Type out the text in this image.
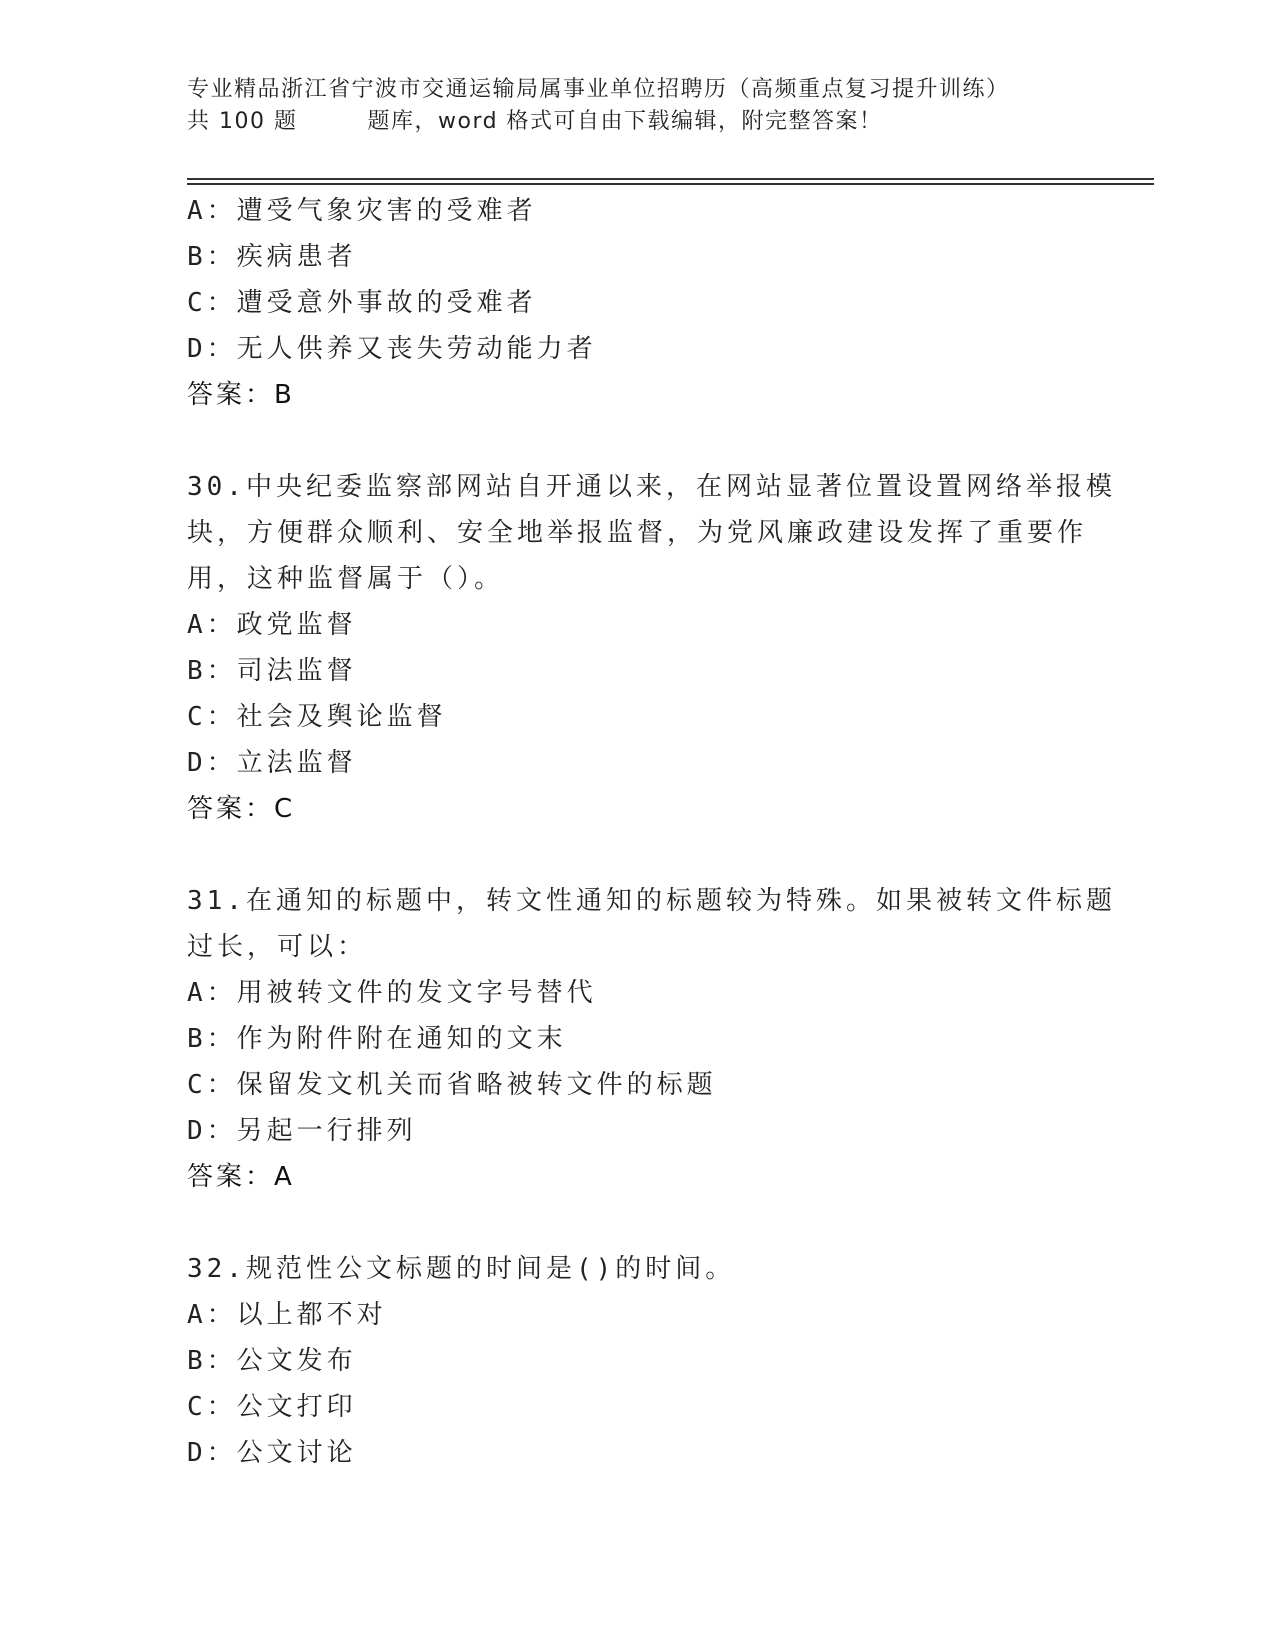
专业精品浙江省宁波市交通运输局属事业单位招聘历（高频重点复习提升训练）
共 100 题	题库，word 格式可自由下载编辑，附完整答案！
A：遭受气象灾害的受难者
B：疾病患者
C：遭受意外事故的受难者
D：无人供养又丧失劳动能力者
答案：B
30.中央纪委监察部网站自开通以来，在网站显著位置设置网络举报模
块，方便群众顺利、安全地举报监督，为党风廉政建设发挥了重要作
用，这种监督属于（）。
A：政党监督
B：司法监督
C：社会及舆论监督
D：立法监督
答案：C
31.在通知的标题中，转文性通知的标题较为特殊。如果被转文件标题
过长，可以：
A：用被转文件的发文字号替代
B：作为附件附在通知的文末
C：保留发文机关而省略被转文件的标题
D：另起一行排列
答案：A
32.规范性公文标题的时间是()的时间。
A：以上都不对
B：公文发布
C：公文打印
D：公文讨论
